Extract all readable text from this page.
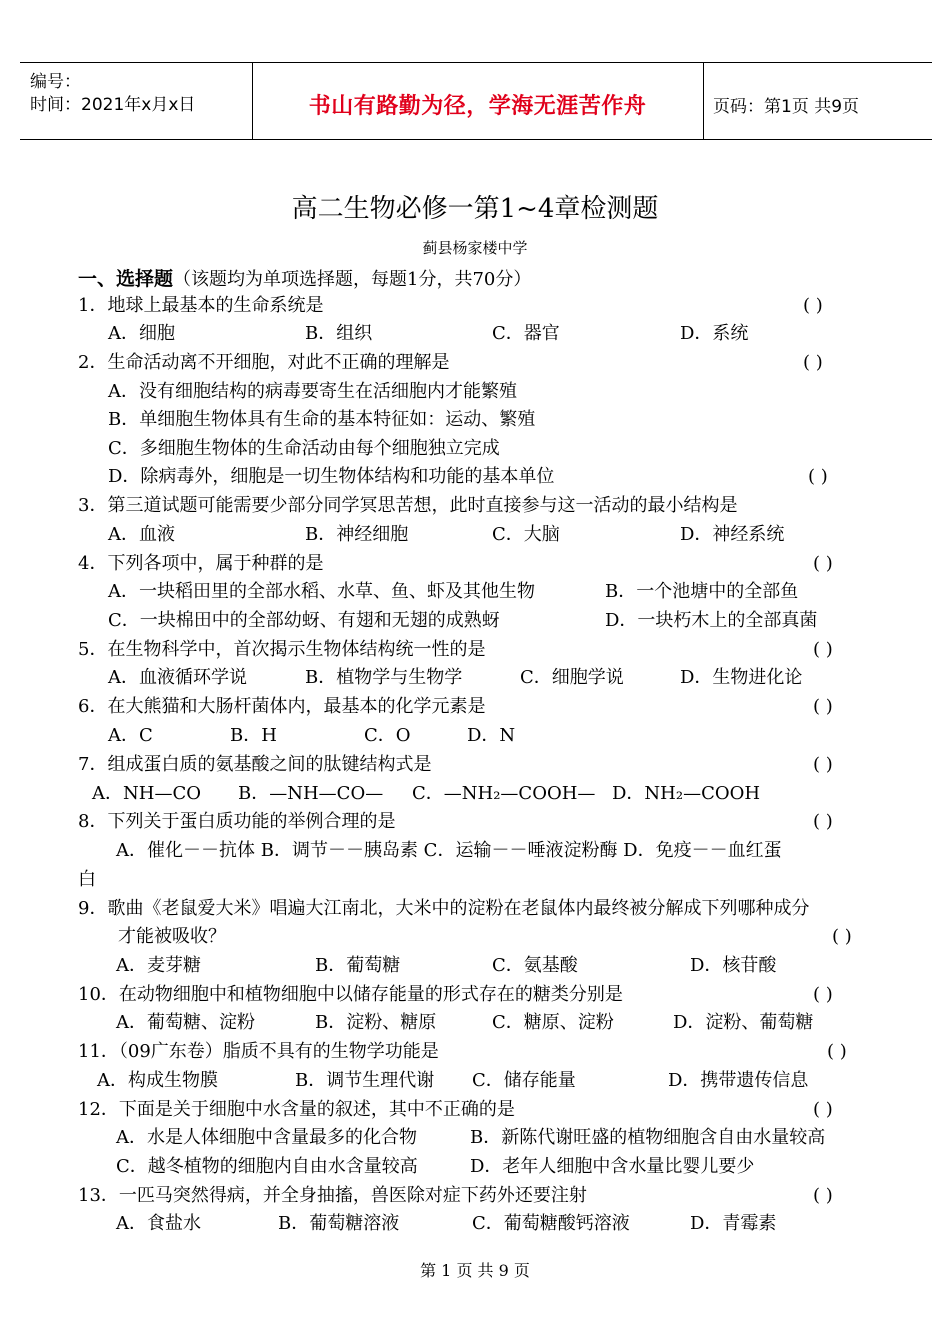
编号：
时间：2021年x月x日	书山有路勤为径，学海无涯苦作舟	页码：第1页 共9页
高二生物必修一第1~4章检测题
蓟县杨家楼中学
一、选择题（该题均为单项选择题，每题1分，共70分）
1．地球上最基本的生命系统是	( )
A．细胞	B．组织	C．器官	D．系统
2．生命活动离不开细胞，对此不正确的理解是	( )
A．没有细胞结构的病毒要寄生在活细胞内才能繁殖
B．单细胞生物体具有生命的基本特征如：运动、繁殖
C．多细胞生物体的生命活动由每个细胞独立完成
D．除病毒外，细胞是一切生物体结构和功能的基本单位	( )
3．第三道试题可能需要少部分同学冥思苦想，此时直接参与这一活动的最小结构是
A．血液	B．神经细胞	C．大脑	D．神经系统
4．下列各项中，属于种群的是	( )
A．一块稻田里的全部水稻、水草、鱼、虾及其他生物	B．一个池塘中的全部鱼
C．一块棉田中的全部幼蚜、有翅和无翅的成熟蚜	D．一块朽木上的全部真菌
5．在生物科学中，首次揭示生物体结构统一性的是	( )
A．血液循环学说	B．植物学与生物学	C．细胞学说	D．生物进化论
6．在大熊猫和大肠杆菌体内，最基本的化学元素是	( )
A．C	B．H	C．O	D．N
7．组成蛋白质的氨基酸之间的肽键结构式是	( )
A．NH—CO B．—NH—CO— C．—NH₂—COOH— D．NH₂—COOH
8．下列关于蛋白质功能的举例合理的是	( )
A．催化－－抗体 B．调节－－胰岛素 C．运输－－唾液淀粉酶 D．免疫－－血红蛋
白
9．歌曲《老鼠爱大米》唱遍大江南北，大米中的淀粉在老鼠体内最终被分解成下列哪种成分
才能被吸收？	( )
A．麦芽糖	B．葡萄糖	C．氨基酸	D．核苷酸
10．在动物细胞中和植物细胞中以储存能量的形式存在的糖类分别是	( )
A．葡萄糖、淀粉	B．淀粉、糖原	C．糖原、淀粉	D．淀粉、葡萄糖
11．（09广东卷）脂质不具有的生物学功能是	( )
A．构成生物膜	B．调节生理代谢 C．储存能量	D．携带遗传信息
12．下面是关于细胞中水含量的叙述，其中不正确的是	( )
A．水是人体细胞中含量最多的化合物	B．新陈代谢旺盛的植物细胞含自由水量较高
C．越冬植物的细胞内自由水含量较高	D．老年人细胞中含水量比婴儿要少
13．一匹马突然得病，并全身抽搐，兽医除对症下药外还要注射	( )
A．食盐水	B．葡萄糖溶液	C．葡萄糖酸钙溶液	D．青霉素
第 1 页 共 9 页
